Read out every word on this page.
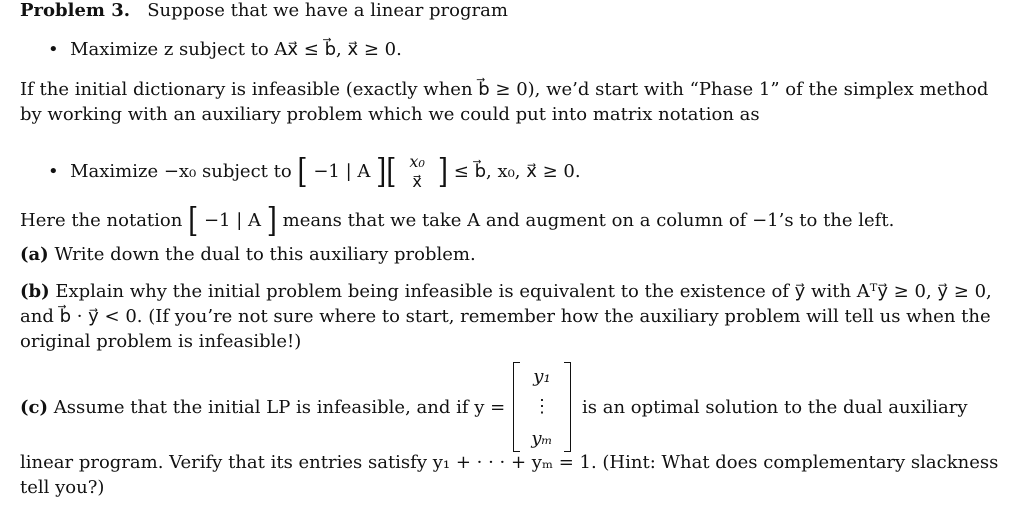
Problem 3. Suppose that we have a linear program
•  Maximize z subject to Ax⃗ ≤ b⃗, x⃗ ≥ 0.
If the initial dictionary is infeasible (exactly when b⃗ ≥ 0), we’d start with “Phase 1” of the simplex method
by working with an auxiliary problem which we could put into matrix notation as
•  Maximize −x₀ subject to [ −1 | A ][ x₀
x⃗ ] ≤ b⃗, x₀, x⃗ ≥ 0.
Here the notation [ −1 | A ] means that we take A and augment on a column of −1’s to the left.
(a) Write down the dual to this auxiliary problem.
(b) Explain why the initial problem being infeasible is equivalent to the existence of y⃗ with Aᵀy⃗ ≥ 0, y⃗ ≥ 0,
and b⃗ · y⃗ < 0. (If you’re not sure where to start, remember how the auxiliary problem will tell us when the
original problem is infeasible!)
(c) Assume that the initial LP is infeasible, and if y =
y₁
⋮
yₘ
is an optimal solution to the dual auxiliary
linear program. Verify that its entries satisfy y₁ + · · · + yₘ = 1. (Hint: What does complementary slackness
tell you?)
